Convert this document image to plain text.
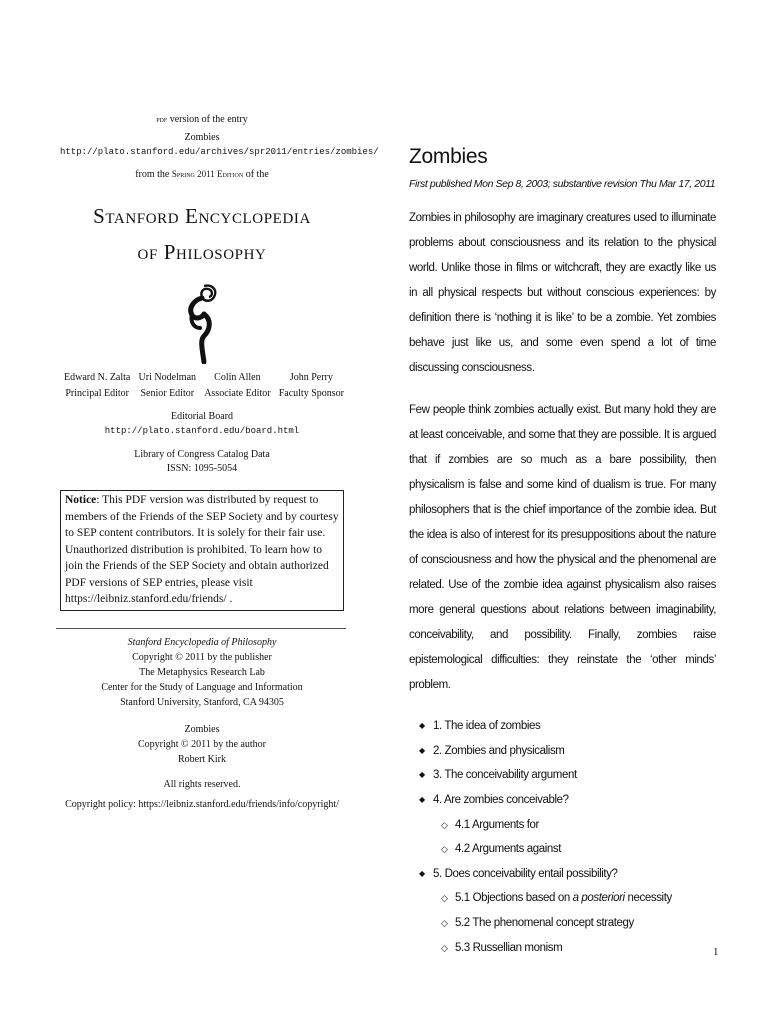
pdf version of the entry
Zombies
http://plato.stanford.edu/archives/spr2011/entries/zombies/
from the Spring 2011 Edition of the
Stanford Encyclopedia
of Philosophy
Edward N. Zalta
Principal Editor
Uri Nodelman
Senior Editor
Colin Allen
Associate Editor
John Perry
Faculty Sponsor
Editorial Board
http://plato.stanford.edu/board.html
Library of Congress Catalog Data
ISSN: 1095-5054
Notice: This PDF version was distributed by request to members of the Friends of the SEP Society and by courtesy to SEP content contributors. It is solely for their fair use. Unauthorized distribution is prohibited. To learn how to join the Friends of the SEP Society and obtain authorized PDF versions of SEP entries, please visit https://leibniz.stanford.edu/friends/ .
Stanford Encyclopedia of Philosophy
Copyright © 2011 by the publisher
The Metaphysics Research Lab
Center for the Study of Language and Information
Stanford University, Stanford, CA 94305
Zombies
Copyright © 2011 by the author
Robert Kirk
All rights reserved.
Copyright policy: https://leibniz.stanford.edu/friends/info/copyright/
Zombies
First published Mon Sep 8, 2003; substantive revision Thu Mar 17, 2011
Zombies in philosophy are imaginary creatures used to illuminate problems about consciousness and its relation to the physical world. Unlike those in films or witchcraft, they are exactly like us in all physical respects but without conscious experiences: by definition there is ‘nothing it is like’ to be a zombie. Yet zombies behave just like us, and some even spend a lot of time discussing consciousness.
Few people think zombies actually exist. But many hold they are at least conceivable, and some that they are possible. It is argued that if zombies are so much as a bare possibility, then physicalism is false and some kind of dualism is true. For many philosophers that is the chief importance of the zombie idea. But the idea is also of interest for its presuppositions about the nature of consciousness and how the physical and the phenomenal are related. Use of the zombie idea against physicalism also raises more general questions about relations between imaginability, conceivability, and possibility. Finally, zombies raise epistemological difficulties: they reinstate the ‘other minds’ problem.
◆ 1. The idea of zombies
◆ 2. Zombies and physicalism
◆ 3. The conceivability argument
◆ 4. Are zombies conceivable?
◇ 4.1 Arguments for
◇ 4.2 Arguments against
◆ 5. Does conceivability entail possibility?
◇ 5.1 Objections based on a posteriori necessity
◇ 5.2 The phenomenal concept strategy
◇ 5.3 Russellian monism	1
